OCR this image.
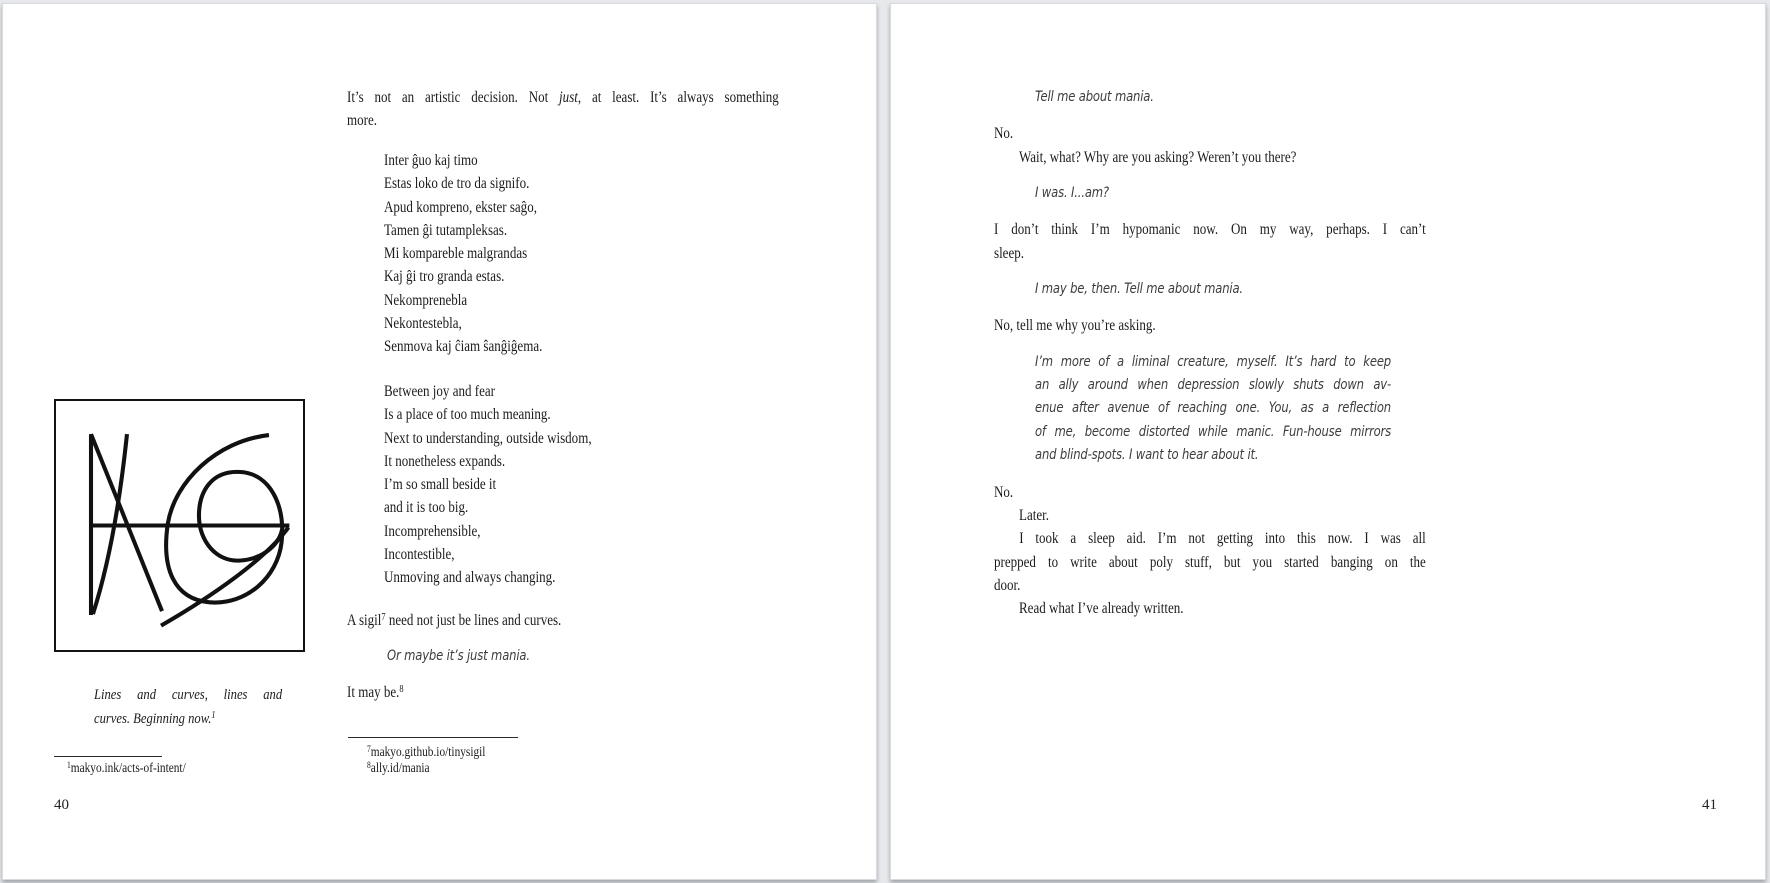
It’s not an artistic decision. Not just, at least. It’s always something
more.
Inter ĝuo kaj timo
Estas loko de tro da signifo.
Apud kompreno, ekster saĝo,
Tamen ĝi tutampleksas.
Mi kompareble malgrandas
Kaj ĝi tro granda estas.
Nekomprenebla
Nekontestebla,
Senmova kaj ĉiam ŝanĝiĝema.
Between joy and fear
Is a place of too much meaning.
Next to understanding, outside wisdom,
It nonetheless expands.
I’m so small beside it
and it is too big.
Incomprehensible,
Incontestible,
Unmoving and always changing.
A sigil$^7$ need not just be lines and curves.
Or maybe it’s just mania.
It may be.$^8$
Lines and curves, lines and
curves. Beginning now.$^1$
$^1$makyo.ink/acts-of-intent/
$^7$makyo.github.io/tinysigil
$^8$ally.id/mania
40
Tell me about mania.
No.
Wait, what? Why are you asking? Weren’t you there?
I was. I...am?
I don’t think I’m hypomanic now. On my way, perhaps. I can’t
sleep.
I may be, then. Tell me about mania.
No, tell me why you’re asking.
I’m more of a liminal creature, myself. It’s hard to keep
an ally around when depression slowly shuts down av-
enue after avenue of reaching one. You, as a reflection
of me, become distorted while manic. Fun-house mirrors
and blind-spots. I want to hear about it.
No.
Later.
I took a sleep aid. I’m not getting into this now. I was all
prepped to write about poly stuff, but you started banging on the
door.
Read what I’ve already written.
41
